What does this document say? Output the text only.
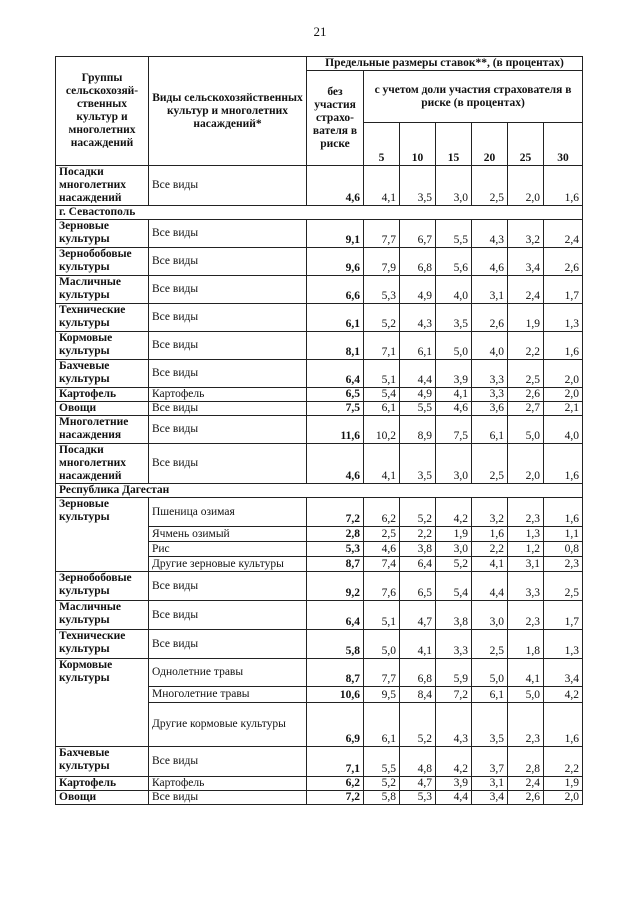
21
Группы сельскохозяй-ственных культур и многолетних насаждений	Виды сельскохозяйственных культур и многолетних насаждений*	Предельные размеры ставок**, (в процентах)						
		без участия страхо-вателя в риске	с учетом доли участия страхователя в риске (в процентах)					
			5	10	15	20	25	30
Посадки многолетних насаждений	Все виды	4,6	4,1	3,5	3,0	2,5	2,0	1,6
г. Севастополь								
Зерновые культуры	Все виды	9,1	7,7	6,7	5,5	4,3	3,2	2,4
Зернобобовые культуры	Все виды	9,6	7,9	6,8	5,6	4,6	3,4	2,6
Масличные культуры	Все виды	6,6	5,3	4,9	4,0	3,1	2,4	1,7
Технические культуры	Все виды	6,1	5,2	4,3	3,5	2,6	1,9	1,3
Кормовые культуры	Все виды	8,1	7,1	6,1	5,0	4,0	2,2	1,6
Бахчевые культуры	Все виды	6,4	5,1	4,4	3,9	3,3	2,5	2,0
Картофель	Картофель	6,5	5,4	4,9	4,1	3,3	2,6	2,0
Овощи	Все виды	7,5	6,1	5,5	4,6	3,6	2,7	2,1
Многолетние насаждения	Все виды	11,6	10,2	8,9	7,5	6,1	5,0	4,0
Посадки многолетних насаждений	Все виды	4,6	4,1	3,5	3,0	2,5	2,0	1,6
Республика Дагестан								
Зерновые культуры	Пшеница озимая	7,2	6,2	5,2	4,2	3,2	2,3	1,6
	Ячмень озимый	2,8	2,5	2,2	1,9	1,6	1,3	1,1
	Рис	5,3	4,6	3,8	3,0	2,2	1,2	0,8
	Другие зерновые культуры	8,7	7,4	6,4	5,2	4,1	3,1	2,3
Зернобобовые культуры	Все виды	9,2	7,6	6,5	5,4	4,4	3,3	2,5
Масличные культуры	Все виды	6,4	5,1	4,7	3,8	3,0	2,3	1,7
Технические культуры	Все виды	5,8	5,0	4,1	3,3	2,5	1,8	1,3
Кормовые культуры	Однолетние травы	8,7	7,7	6,8	5,9	5,0	4,1	3,4
	Многолетние травы	10,6	9,5	8,4	7,2	6,1	5,0	4,2
	Другие кормовые культуры	6,9	6,1	5,2	4,3	3,5	2,3	1,6
Бахчевые культуры	Все виды	7,1	5,5	4,8	4,2	3,7	2,8	2,2
Картофель	Картофель	6,2	5,2	4,7	3,9	3,1	2,4	1,9
Овощи	Все виды	7,2	5,8	5,3	4,4	3,4	2,6	2,0
